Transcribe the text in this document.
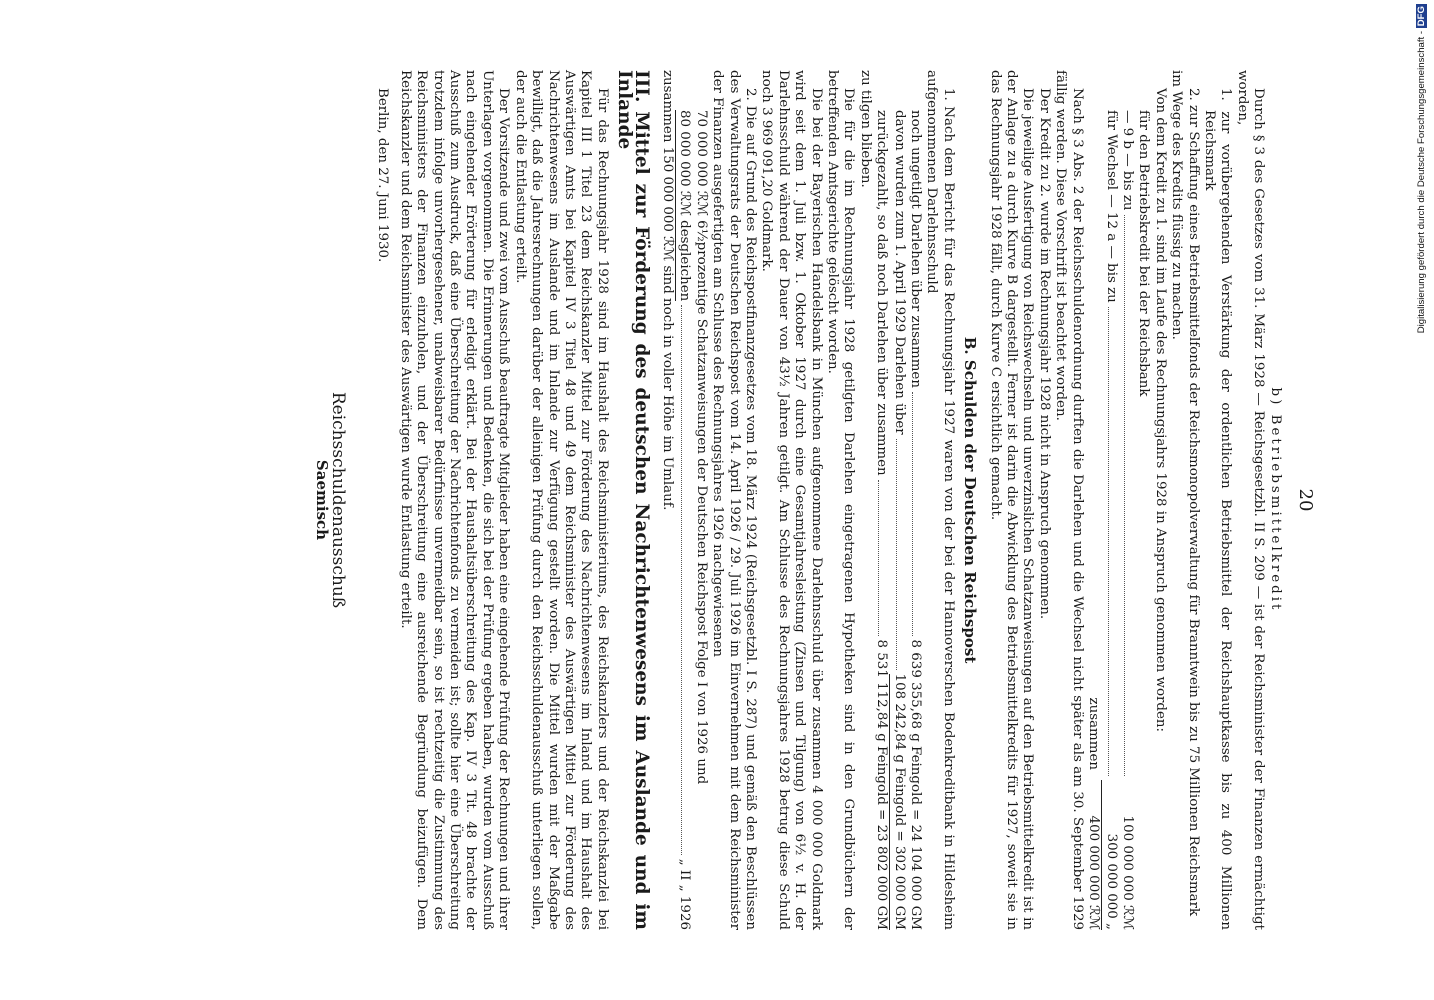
20
b) Betriebsmittelkredit

Durch § 3 des Gesetzes vom 31. März 1928 — Reichsgesetzbl. II S. 209 — ist der Reichsminister der Finanzen ermächtigt worden,

1. zur vorübergehenden Verstärkung der ordentlichen Betriebsmittel der Reichshauptkasse bis zu 400 Millionen Reichsmark

2. zur Schaffung eines Betriebsmittelfonds der Reichsmonopolverwaltung für Branntwein bis zu 75 Millionen Reichsmark

im Wege des Kredits flüssig zu machen.

Von dem Kredit zu 1. sind im Laufe des Rechnungsjahrs 1928 in Anspruch genommen worden:

für den Betriebskredit bei der Reichsbank

— 9 b — bis zu
100 000 000 ℛℳ
für Wechsel — 12 a — bis zu
300 000 000 „
zusammen
400 000 000 ℛℳ

Nach § 3 Abs. 2 der Reichsschuldenordnung durften die Darlehen und die Wechsel nicht später als am 30. September 1929 fällig werden. Diese Vorschrift ist beachtet worden.

Der Kredit zu 2. wurde im Rechnungsjahr 1928 nicht in Anspruch genommen.

Die jeweilige Ausfertigung von Reichswechseln und unverzinslichen Schatzanweisungen auf den Betriebsmittelkredit ist in der Anlage zu a durch Kurve B dargestellt. Ferner ist darin die Abwicklung des Betriebsmittelkredits für 1927, soweit sie in das Rechnungsjahr 1928 fällt, durch Kurve C ersichtlich gemacht.

B. Schulden der Deutschen Reichspost

1. Nach dem Bericht für das Rechnungsjahr 1927 waren von der bei der Hannoverschen Bodenkreditbank in Hildesheim aufgenommenen Darlehnsschuld

noch ungetilgt Darlehen über zusammen
8 639 355,68 g Feingold = 24 104 000 GM
davon wurden zum 1. April 1929 Darlehen über
108 242,84 g Feingold = 302 000 GM
zurückgezahlt, so daß noch Darlehen über zusammen
8 531 112,84 g Feingold = 23 802 000 GM

zu tilgen blieben.

Die für die im Rechnungsjahr 1928 getilgten Darlehen eingetragenen Hypotheken sind in den Grundbüchern der betreffenden Amtsgerichte gelöscht worden.

Die bei der Bayerischen Handelsbank in München aufgenommene Darlehnsschuld über zusammen 4 000 000 Goldmark wird seit dem 1. Juli bzw. 1. Oktober 1927 durch eine Gesamtjahresleistung (Zinsen und Tilgung) von 6½ v. H. der Darlehnsschuld während der Dauer von 43½ Jahren getilgt. Am Schlusse des Rechnungsjahres 1928 betrug diese Schuld noch 3 969 091,20 Goldmark.

2. Die auf Grund des Reichspostfinanzgesetzes vom 18. März 1924 (Reichsgesetzbl. I S. 287) und gemäß den Beschlüssen des Verwaltungsrats der Deutschen Reichspost vom 14. April 1926 / 29. Juli 1926 im Einvernehmen mit dem Reichsminister der Finanzen ausgefertigten am Schlusse des Rechnungsjahres 1926 nachgewiesenen

70 000 000 ℛℳ 6½prozentige Schatzanweisungen der Deutschen Reichspost Folge I von 1926 und
80 000 000 ℛℳ desgleichen
„ II „ 1926

zusammen 150 000 000 ℛℳ sind noch in voller Höhe im Umlauf.

III. Mittel zur Förderung des deutschen Nachrichtenwesens im Auslande und im Inlande

Für das Rechnungsjahr 1928 sind im Haushalt des Reichsministeriums, des Reichskanzlers und der Reichskanzlei bei Kapitel III 1 Titel 23 dem Reichskanzler Mittel zur Förderung des Nachrichtenwesens im Inland und im Haushalt des Auswärtigen Amts bei Kapitel IV 3 Titel 48 und 49 dem Reichsminister des Auswärtigen Mittel zur Förderung des Nachrichtenwesens im Auslande und im Inlande zur Verfügung gestellt worden. Die Mittel wurden mit der Maßgabe bewilligt, daß die Jahresrechnungen darüber der alleinigen Prüfung durch den Reichsschuldenausschuß unterliegen sollen, der auch die Entlastung erteilt.

Der Vorsitzende und zwei vom Ausschuß beauftragte Mitglieder haben eine eingehende Prüfung der Rechnungen und ihrer Unterlagen vorgenommen. Die Erinnerungen und Bedenken, die sich bei der Prüfung ergeben haben, wurden vom Ausschuß nach eingehender Erörterung für erledigt erklärt. Bei der Haushaltsüberschreitung des Kap. IV 3 Tit. 48 brachte der Ausschuß zum Ausdruck, daß eine Überschreitung der Nachrichtenfonds zu vermeiden ist; sollte hier eine Überschreitung trotzdem infolge unvorhergesehener, unabweisbarer Bedürfnisse unvermeidbar sein, so ist rechtzeitig die Zustimmung des Reichsministers der Finanzen einzuholen, und der Überschreitung eine ausreichende Begründung beizufügen. Dem Reichskanzler und dem Reichsminister des Auswärtigen wurde Entlastung erteilt.

Berlin, den 27. Juni 1930.

Reichsschuldenausschuß
Saemisch
Digitalisierung gefördert durch die Deutsche Forschungsgemeinschaft - DFG
